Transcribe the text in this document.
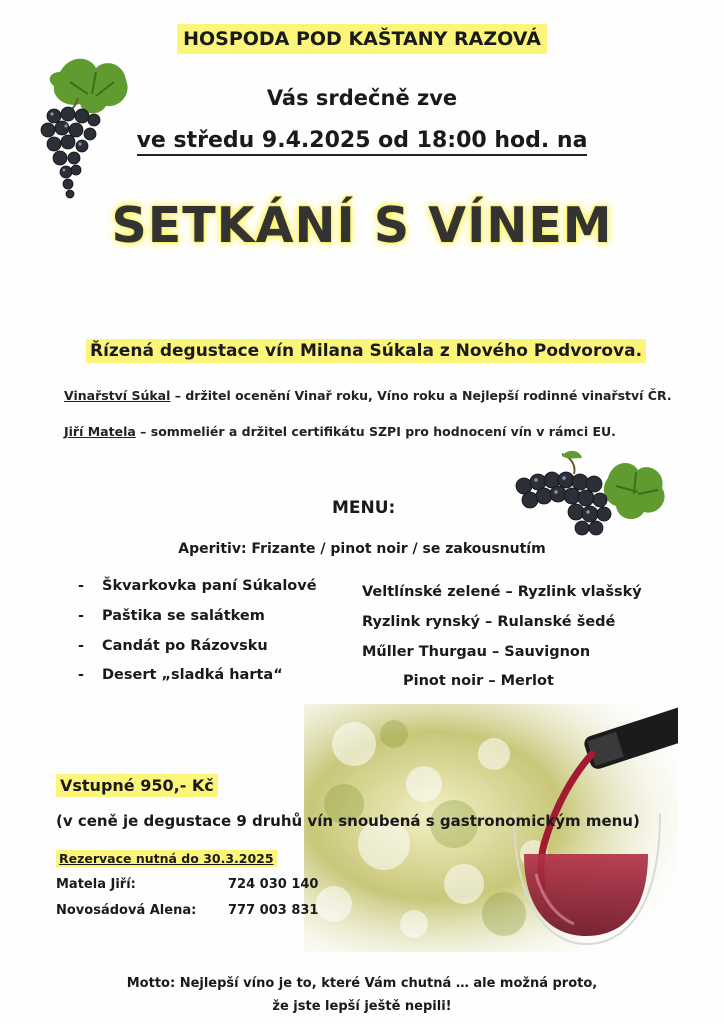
HOSPODA POD KAŠTANY RAZOVÁ
Vás srdečně zve
ve středu 9.4.2025 od 18:00 hod. na
SETKÁNÍ S VÍNEM
Řízená degustace vín Milana Súkala z Nového Podvorova.
Vinařství Súkal – držitel ocenění Vinař roku, Víno roku a Nejlepší rodinné vinařství ČR.
Jiří Matela – sommeliér a držitel certifikátu SZPI pro hodnocení vín v rámci EU.
MENU:
Aperitiv: Frizante / pinot noir / se zakousnutím
- Škvarkovka paní Súkalové
- Paštika se salátkem
- Candát po Rázovsku
- Desert „sladká harta“
Veltlínské zelené – Ryzlink vlašský
Ryzlink rynský – Rulanské šedé
Műller Thurgau – Sauvignon
Pinot noir – Merlot
Vstupné 950,- Kč
(v ceně je degustace 9 druhů vín snoubená s gastronomickým menu)
Rezervace nutná do 30.3.2025
Matela Jiří:	724 030 140
Novosádová Alena: 777 003 831
Motto: Nejlepší víno je to, které Vám chutná … ale možná proto,
že jste lepší ještě nepili!
